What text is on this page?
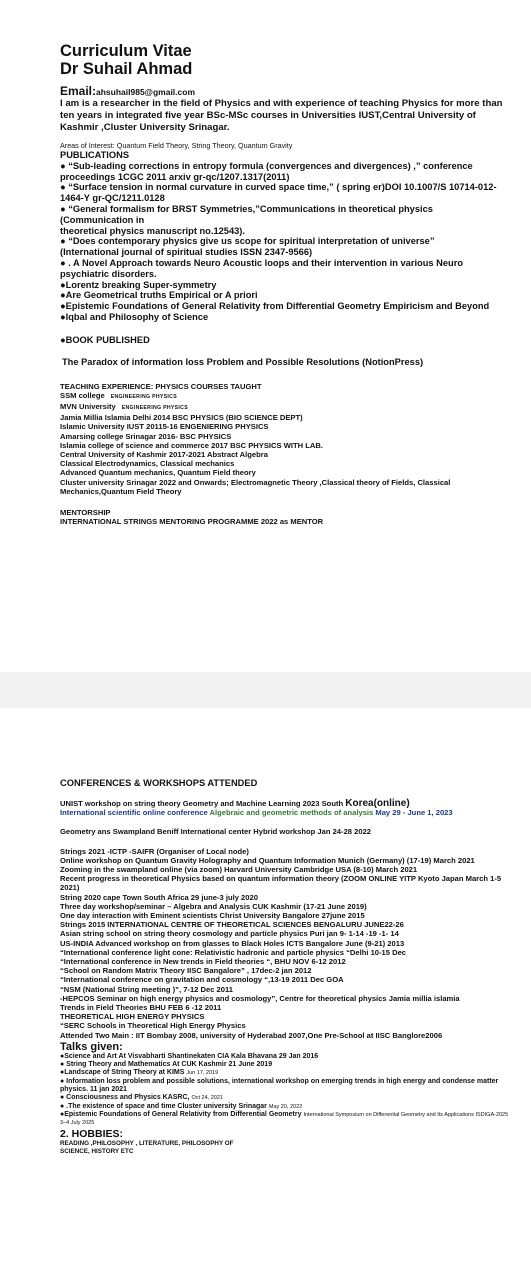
Curriculum Vitae

Dr Suhail Ahmad

Email:ahsuhail985@gmail.com

I am is a researcher in the field of Physics and with experience of teaching Physics for more than ten years in integrated five year BSc-MSc courses in Universities IUST,Central University of Kashmir ,Cluster University Srinagar.

Areas of Interest: Quantum Field Theory, String Theory, Quantum Gravity

PUBLICATIONS

● “Sub-leading corrections in entropy formula (convergences and divergences) ,” conference proceedings 1CGC 2011 arxiv gr-qc/1207.1317(2011)
● “Surface tension in normal curvature in curved space time,” ( spring er)DOI 10.1007/S 10714-012-1464-Y gr-QC/1211.0128
● “General formalism for BRST Symmetries,”Communications in theoretical physics
(Communication in
theoretical physics manuscript no.12543).
● “Does contemporary physics give us scope for spiritual interpretation of universe”
(International journal of spiritual studies ISSN 2347-9566)
● . A Novel Approach towards Neuro Acoustic loops and their intervention in various Neuro psychiatric disorders.
●Lorentz breaking Super-symmetry
●Are Geometrical truths Empirical or A priori
●Epistemic Foundations of General Relativity from Differential Geometry Empiricism and Beyond
●Iqbal and Philosophy of Science

●BOOK PUBLISHED

The Paradox of information loss Problem and Possible Resolutions (NotionPress)

TEACHING EXPERIENCE: PHYSICS COURSES TAUGHT

SSM college ENGINEERING PHYSICS
MVN University ENGINEERING PHYSICS
Jamia Millia Islamia Delhi 2014 BSC PHYSICS (BIO SCIENCE DEPT)
Islamic University IUST 20115-16 ENGENIERING PHYSICS
Amarsing college Srinagar 2016- BSC PHYSICS
Islamia college of science and commerce 2017 BSC PHYSICS WITH LAB.
Central University of Kashmir 2017-2021 Abstract Algebra
Classical Electrodynamics, Classical mechanics
Advanced Quantum mechanics, Quantum Field theory
Cluster university Srinagar 2022 and Onwards; Electromagnetic Theory ,Classical theory of Fields, Classical Mechanics,Quantum Field Theory

MENTORSHIP

INTERNATIONAL STRINGS MENTORING PROGRAMME 2022 as MENTOR

CONFERENCES & WORKSHOPS ATTENDED

UNIST workshop on string theory Geometry and Machine Learning 2023 South Korea(online)

International scientific online conference Algebraic and geometric methods of analysis May 29 - June 1, 2023

Geometry ans Swampland Beniff International center Hybrid workshop Jan 24-28 2022

Strings 2021 -ICTP -SAIFR (Organiser of Local node)
Online workshop on Quantum Gravity Holography and Quantum Information Munich (Germany) (17-19) March 2021
Zooming in the swampland online (via zoom) Harvard University Cambridge USA (8-10) March 2021
Recent progress in theoretical Physics based on quantum information theory (ZOOM ONLINE YITP Kyoto Japan March 1-5 2021)
String 2020 cape Town South Africa 29 june-3 july 2020
Three day workshop/seminar – Algebra and Analysis CUK Kashmir (17-21 June 2019)
One day interaction with Eminent scientists Christ University Bangalore 27june 2015
Strings 2015 INTERNATIONAL CENTRE OF THEORETICAL SCIENCES BENGALURU JUNE22-26
Asian string school on string theory cosmology and particle physics Puri jan 9- 1-14 -19 -1- 14
US-INDIA Advanced workshop on from glasses to Black Holes ICTS Bangalore June (9-21) 2013
“International conference light cone: Relativistic hadronic and particle physics “Delhi 10-15 Dec
“International conference in New trends in Field theories “, BHU NOV 6-12 2012
“School on Random Matrix Theory IISC Bangalore” , 17dec-2 jan 2012
“International conference on gravitation and cosmology “,13-19 2011 Dec GOA
“NSM (National String meeting )”, 7-12 Dec 2011
-HEPCOS Seminar on high energy physics and cosmology”, Centre for theoretical physics Jamia millia islamia
Trends in Field Theories BHU FEB 6 -12 2011
THEORETICAL HIGH ENERGY PHYSICS
“SERC Schools in Theoretical High Energy Physics
Attended Two Main : IIT Bombay 2008, university of Hyderabad 2007,One Pre-School at IISC Banglore2006

Talks given:

●Science and Art At Visvabharti Shantinekaten CIA Kala Bhavana 29 Jan 2016
● String Theory and Mathematics At CUK Kashmir 21 June 2019
●Landscape of String Theory at KIMS Jun 17, 2019
● Information loss problem and possible solutions, international workshop on emerging trends in high energy and condense matter physics. 11 jan 2021
● Consciousness and Physics KASRC, Oct 24, 2021
● .The existence of space and time Cluster university Srinagar May 20, 2022
●Epistemic Foundations of General Relativity from Differential Geometry International Symposium on Differential Geometry and Its Applications ISDIGA-2025 3–4 July 2025

2. HOBBIES:

READING ,PHILOSOPHY , LITERATURE, PHILOSOPHY OF SCIENCE, HISTORY ETC
